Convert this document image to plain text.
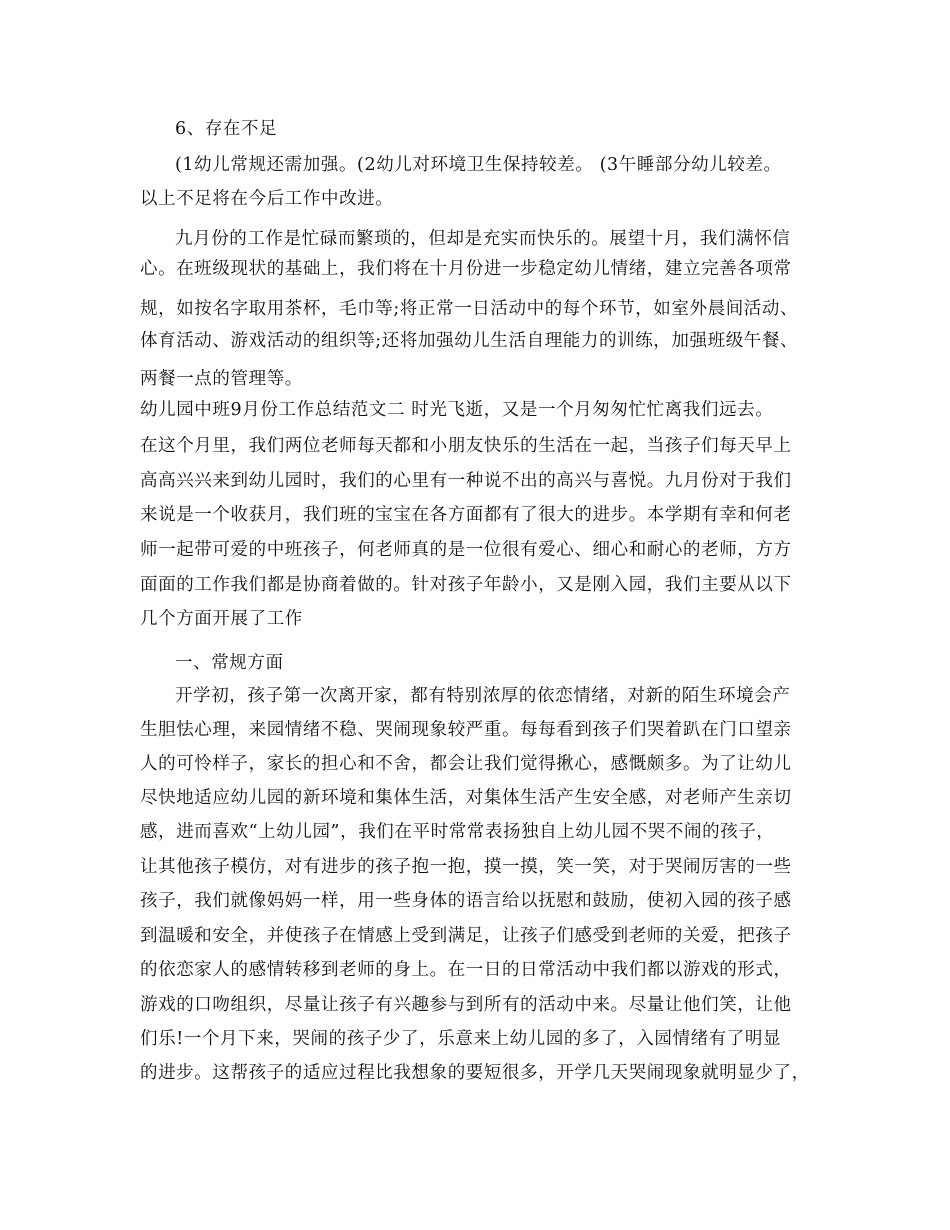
6、存在不足
(1幼儿常规还需加强。(2幼儿对环境卫生保持较差。 (3午睡部分幼儿较差。
以上不足将在今后工作中改进。
九月份的工作是忙碌而繁琐的，但却是充实而快乐的。展望十月，我们满怀信
心。在班级现状的基础上，我们将在十月份进一步稳定幼儿情绪，建立完善各项常
规，如按名字取用茶杯，毛巾等;将正常一日活动中的每个环节，如室外晨间活动、
体育活动、游戏活动的组织等;还将加强幼儿生活自理能力的训练，加强班级午餐、
两餐一点的管理等。
幼儿园中班9月份工作总结范文二 时光飞逝，又是一个月匆匆忙忙离我们远去。
在这个月里，我们两位老师每天都和小朋友快乐的生活在一起，当孩子们每天早上
高高兴兴来到幼儿园时，我们的心里有一种说不出的高兴与喜悦。九月份对于我们
来说是一个收获月，我们班的宝宝在各方面都有了很大的进步。本学期有幸和何老
师一起带可爱的中班孩子，何老师真的是一位很有爱心、细心和耐心的老师，方方
面面的工作我们都是协商着做的。针对孩子年龄小，又是刚入园，我们主要从以下
几个方面开展了工作
一、常规方面
开学初，孩子第一次离开家，都有特别浓厚的依恋情绪，对新的陌生环境会产
生胆怯心理，来园情绪不稳、哭闹现象较严重。每每看到孩子们哭着趴在门口望亲
人的可怜样子，家长的担心和不舍，都会让我们觉得揪心，感慨颇多。为了让幼儿
尽快地适应幼儿园的新环境和集体生活，对集体生活产生安全感，对老师产生亲切
感，进而喜欢“上幼儿园”，我们在平时常常表扬独自上幼儿园不哭不闹的孩子，
让其他孩子模仿，对有进步的孩子抱一抱，摸一摸，笑一笑，对于哭闹厉害的一些
孩子，我们就像妈妈一样，用一些身体的语言给以抚慰和鼓励，使初入园的孩子感
到温暖和安全，并使孩子在情感上受到满足，让孩子们感受到老师的关爱，把孩子
的依恋家人的感情转移到老师的身上。在一日的日常活动中我们都以游戏的形式，
游戏的口吻组织，尽量让孩子有兴趣参与到所有的活动中来。尽量让他们笑，让他
们乐!一个月下来，哭闹的孩子少了，乐意来上幼儿园的多了，入园情绪有了明显
的进步。这帮孩子的适应过程比我想象的要短很多，开学几天哭闹现象就明显少了，
